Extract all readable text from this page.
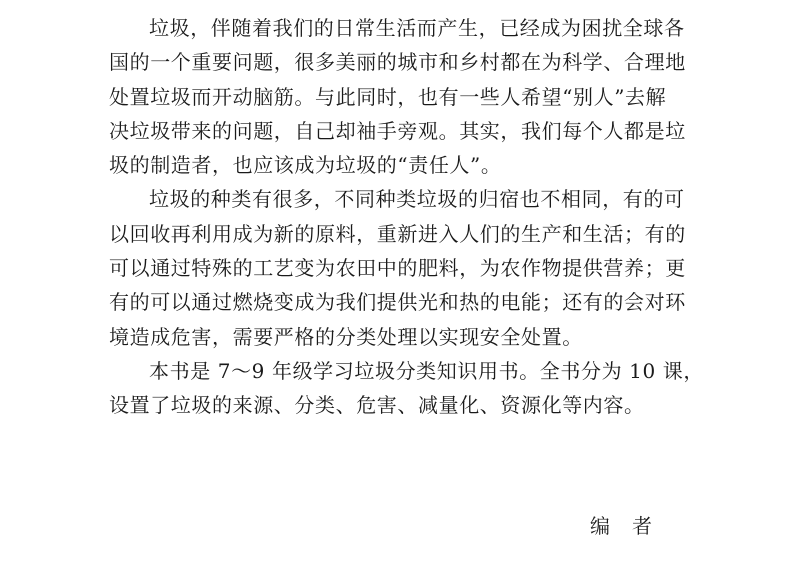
垃圾，伴随着我们的日常生活而产生，已经成为困扰全球各
国的一个重要问题，很多美丽的城市和乡村都在为科学、合理地
处置垃圾而开动脑筋。与此同时，也有一些人希望“别人”去解
决垃圾带来的问题，自己却袖手旁观。其实，我们每个人都是垃
圾的制造者，也应该成为垃圾的“责任人”。

垃圾的种类有很多，不同种类垃圾的归宿也不相同，有的可
以回收再利用成为新的原料，重新进入人们的生产和生活；有的
可以通过特殊的工艺变为农田中的肥料，为农作物提供营养；更
有的可以通过燃烧变成为我们提供光和热的电能；还有的会对环
境造成危害，需要严格的分类处理以实现安全处置。

本书是 7～9 年级学习垃圾分类知识用书。全书分为 10 课，
设置了垃圾的来源、分类、危害、减量化、资源化等内容。

编 者
